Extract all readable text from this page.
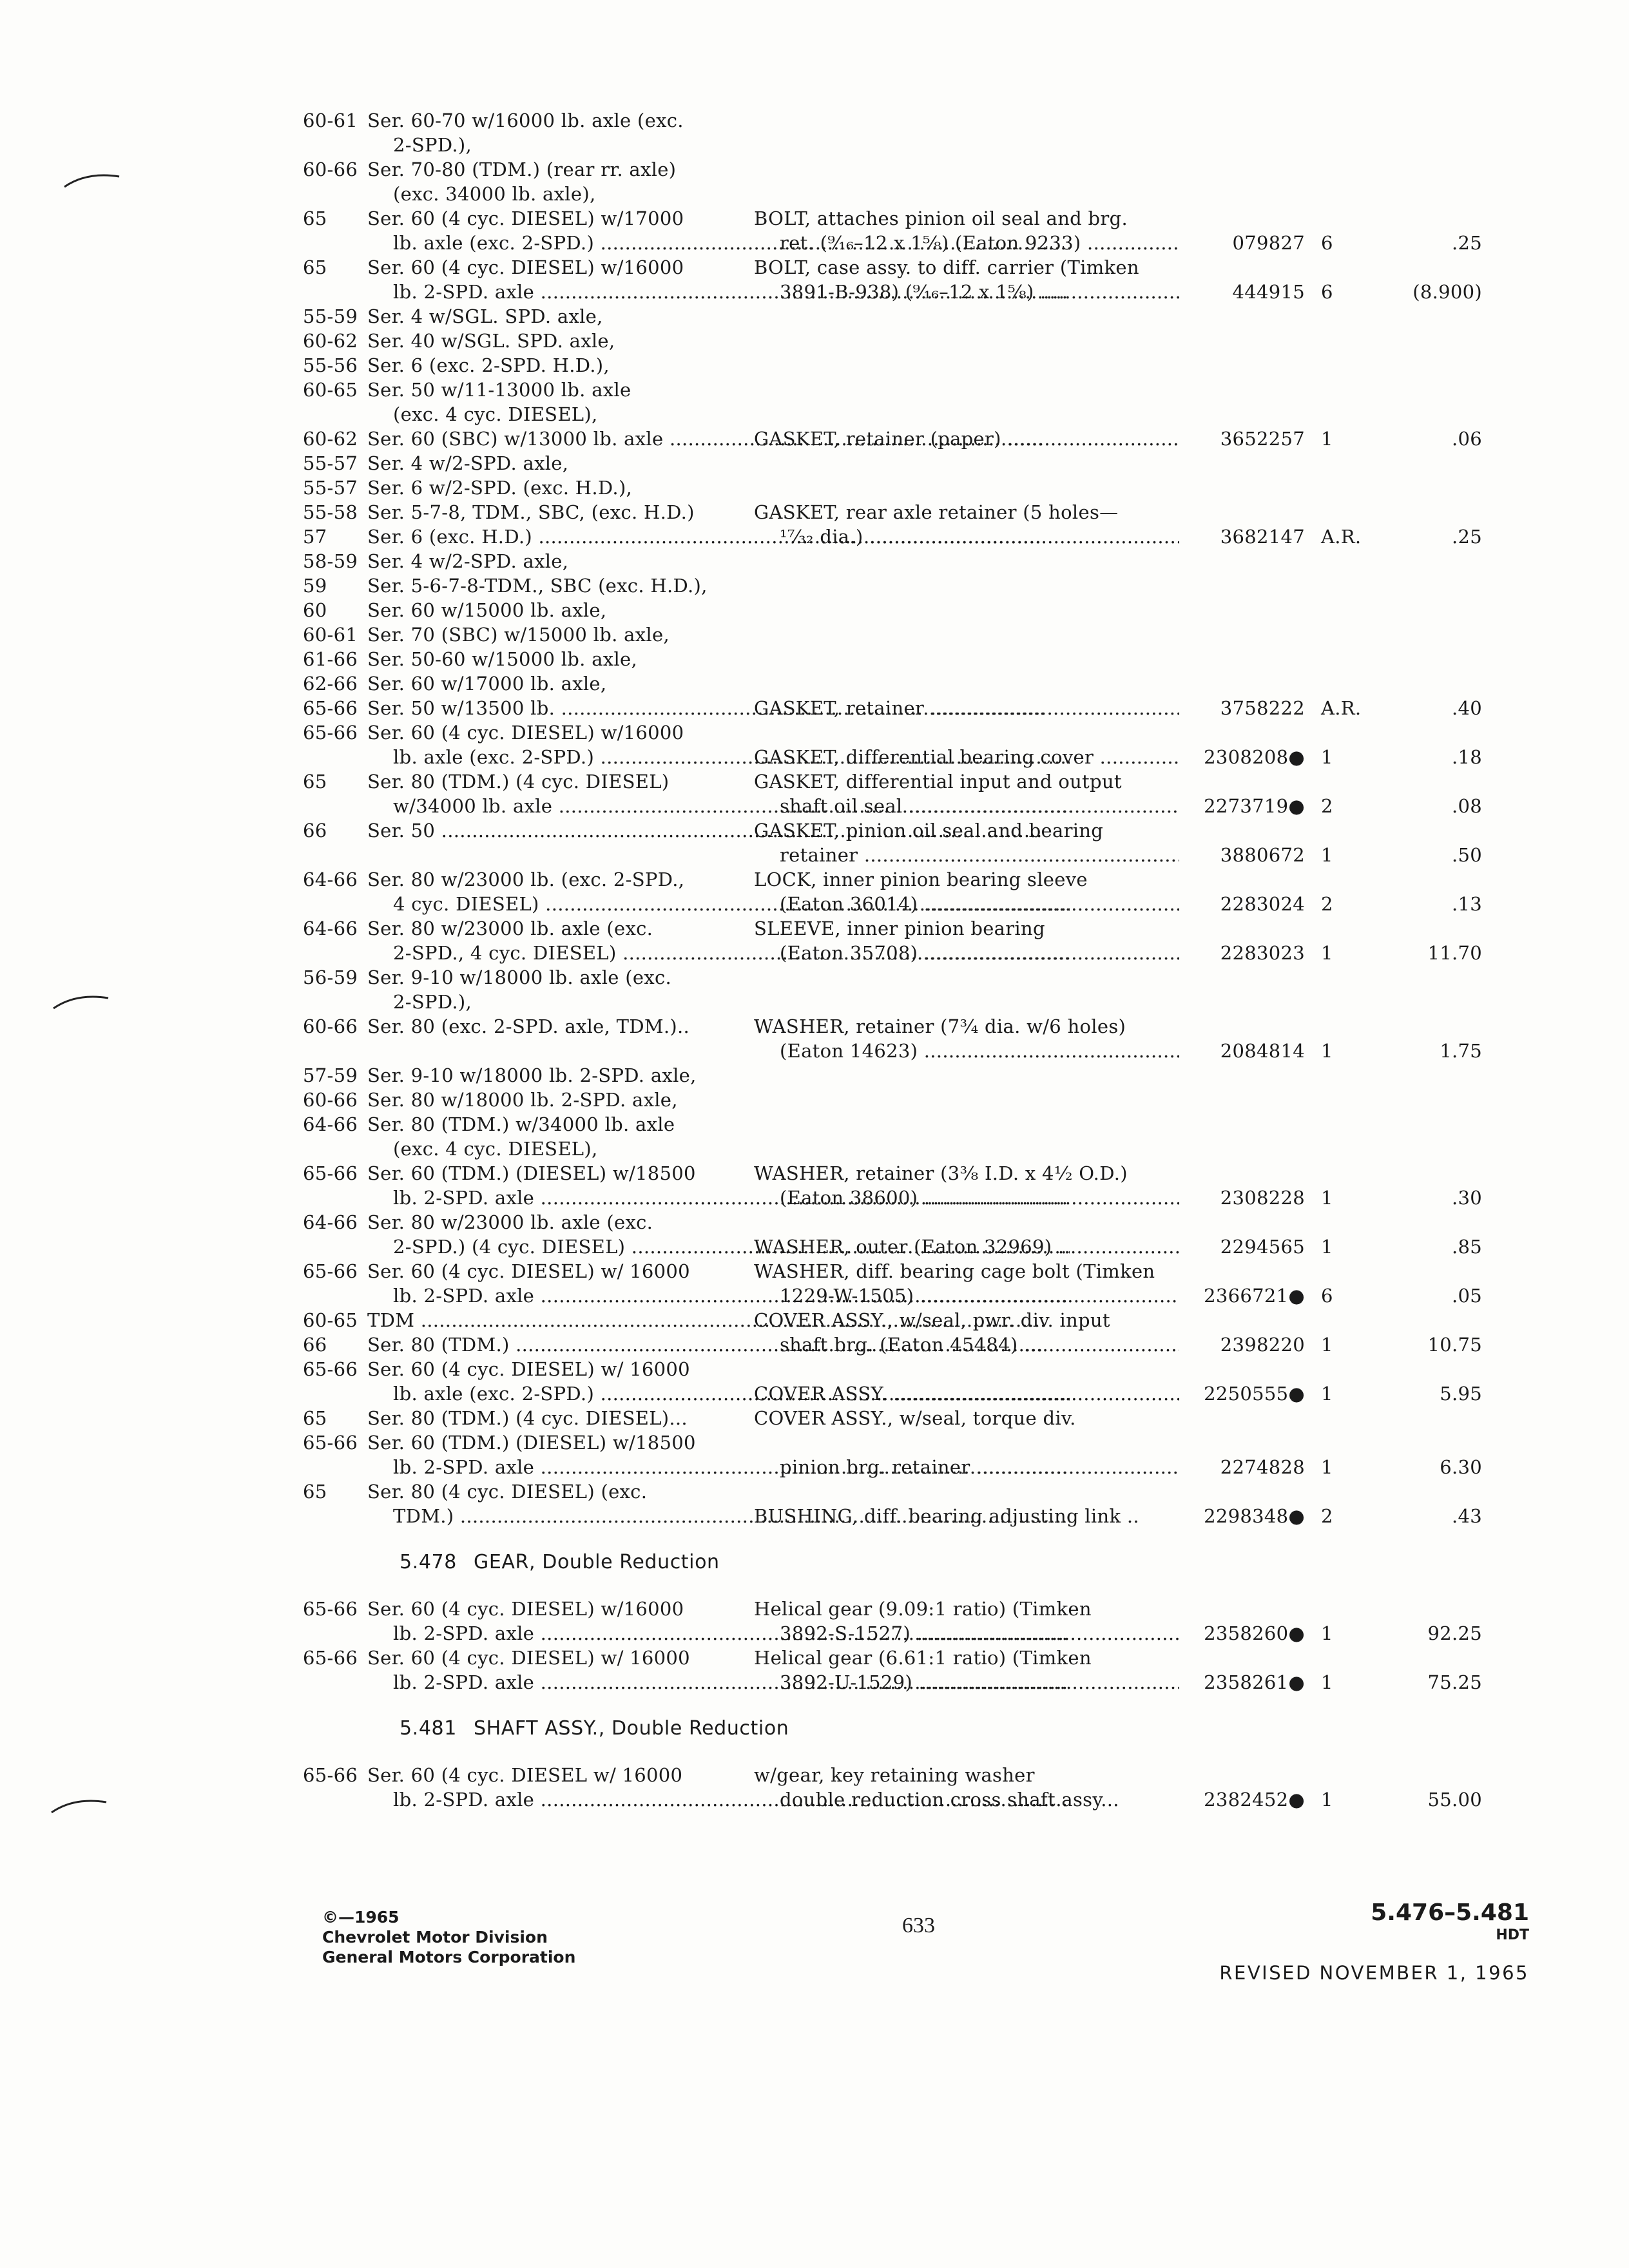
60-61 Ser. 60-70 w/16000 lb. axle (exc.
2-SPD.),
60-66 Ser. 70-80 (TDM.) (rear rr. axle)
(exc. 34000 lb. axle),
65 Ser. 60 (4 cyc. DIESEL) w/17000	BOLT, attaches pinion oil seal and brg.
lb. axle (exc. 2-SPD.) .....	ret. (⁹⁄₁₆–12 x 1⁵⁄₈) (Eaton 9233) .....	079827 6	.25
65 Ser. 60 (4 cyc. DIESEL) w/16000	BOLT, case assy. to diff. carrier (Timken
lb. 2-SPD. axle .....	3891-B-938) (⁹⁄₁₆–12 x 1⁵⁄₈) .....	444915 6	(8.900)
55-59 Ser. 4 w/SGL. SPD. axle,
60-62 Ser. 40 w/SGL. SPD. axle,
55-56 Ser. 6 (exc. 2-SPD. H.D.),
60-65 Ser. 50 w/11-13000 lb. axle
(exc. 4 cyc. DIESEL),
60-62 Ser. 60 (SBC) w/13000 lb. axle .....	GASKET, retainer (paper) .....	3652257 1	.06
55-57 Ser. 4 w/2-SPD. axle,
55-57 Ser. 6 w/2-SPD. (exc. H.D.),
55-58 Ser. 5-7-8, TDM., SBC, (exc. H.D.)	GASKET, rear axle retainer (5 holes—
57 Ser. 6 (exc. H.D.) .....	¹⁷⁄₃₂ dia.) .....	3682147 A.R.	.25
58-59 Ser. 4 w/2-SPD. axle,
59 Ser. 5-6-7-8-TDM., SBC (exc. H.D.),
60 Ser. 60 w/15000 lb. axle,
60-61 Ser. 70 (SBC) w/15000 lb. axle,
61-66 Ser. 50-60 w/15000 lb. axle,
62-66 Ser. 60 w/17000 lb. axle,
65-66 Ser. 50 w/13500 lb. .....	GASKET, retainer .....	3758222 A.R.	.40
65-66 Ser. 60 (4 cyc. DIESEL) w/16000
lb. axle (exc. 2-SPD.) .....	GASKET, differential bearing cover .....	2308208● 1	.18
65 Ser. 80 (TDM.) (4 cyc. DIESEL)	GASKET, differential input and output
w/34000 lb. axle .....	shaft oil seal .....	2273719● 2	.08
66 Ser. 50 .....	GASKET, pinion oil seal and bearing
retainer .....	3880672 1	.50
64-66 Ser. 80 w/23000 lb. (exc. 2-SPD.,	LOCK, inner pinion bearing sleeve
4 cyc. DIESEL) .....	(Eaton 36014) .....	2283024 2	.13
64-66 Ser. 80 w/23000 lb. axle (exc.	SLEEVE, inner pinion bearing
2-SPD., 4 cyc. DIESEL) .....	(Eaton 35708) .....	2283023 1	11.70
56-59 Ser. 9-10 w/18000 lb. axle (exc.
2-SPD.),
60-66 Ser. 80 (exc. 2-SPD. axle, TDM.)..	WASHER, retainer (7³⁄₄ dia. w/6 holes)
(Eaton 14623) .....	2084814 1	1.75
57-59 Ser. 9-10 w/18000 lb. 2-SPD. axle,
60-66 Ser. 80 w/18000 lb. 2-SPD. axle,
64-66 Ser. 80 (TDM.) w/34000 lb. axle
(exc. 4 cyc. DIESEL),
65-66 Ser. 60 (TDM.) (DIESEL) w/18500	WASHER, retainer (3³⁄₈ I.D. x 4¹⁄₂ O.D.)
lb. 2-SPD. axle .....	(Eaton 38600) .....	2308228 1	.30
64-66 Ser. 80 w/23000 lb. axle (exc.
2-SPD.) (4 cyc. DIESEL) .....	WASHER, outer (Eaton 32969) .....	2294565 1	.85
65-66 Ser. 60 (4 cyc. DIESEL) w/ 16000	WASHER, diff. bearing cage bolt (Timken
lb. 2-SPD. axle .....	1229-W-1505) .....	2366721● 6	.05
60-65 TDM .....	COVER ASSY., w/seal, pwr. div. input
66 Ser. 80 (TDM.) .....	shaft brg. (Eaton 45484) .....	2398220 1	10.75
65-66 Ser. 60 (4 cyc. DIESEL) w/ 16000
lb. axle (exc. 2-SPD.) .....	COVER ASSY. .....	2250555● 1	5.95
65 Ser. 80 (TDM.) (4 cyc. DIESEL)...	COVER ASSY., w/seal, torque div.
65-66 Ser. 60 (TDM.) (DIESEL) w/18500
lb. 2-SPD. axle .....	pinion brg. retainer .....	2274828 1	6.30
65 Ser. 80 (4 cyc. DIESEL) (exc.
TDM.) .....	BUSHING, diff. bearing adjusting link ..	2298348● 2	.43
5.478 GEAR, Double Reduction
65-66 Ser. 60 (4 cyc. DIESEL) w/16000	Helical gear (9.09:1 ratio) (Timken
lb. 2-SPD. axle .....	3892-S-1527) .....	2358260● 1	92.25
65-66 Ser. 60 (4 cyc. DIESEL) w/ 16000	Helical gear (6.61:1 ratio) (Timken
lb. 2-SPD. axle .....	3892-U-1529) .....	2358261● 1	75.25
5.481 SHAFT ASSY., Double Reduction
65-66 Ser. 60 (4 cyc. DIESEL w/ 16000	w/gear, key retaining washer
lb. 2-SPD. axle .....	double reduction cross shaft assy...	2382452● 1	55.00
©—1965
Chevrolet Motor Division
General Motors Corporation
633	5.476–5.481
HDT
REVISED NOVEMBER 1, 1965
